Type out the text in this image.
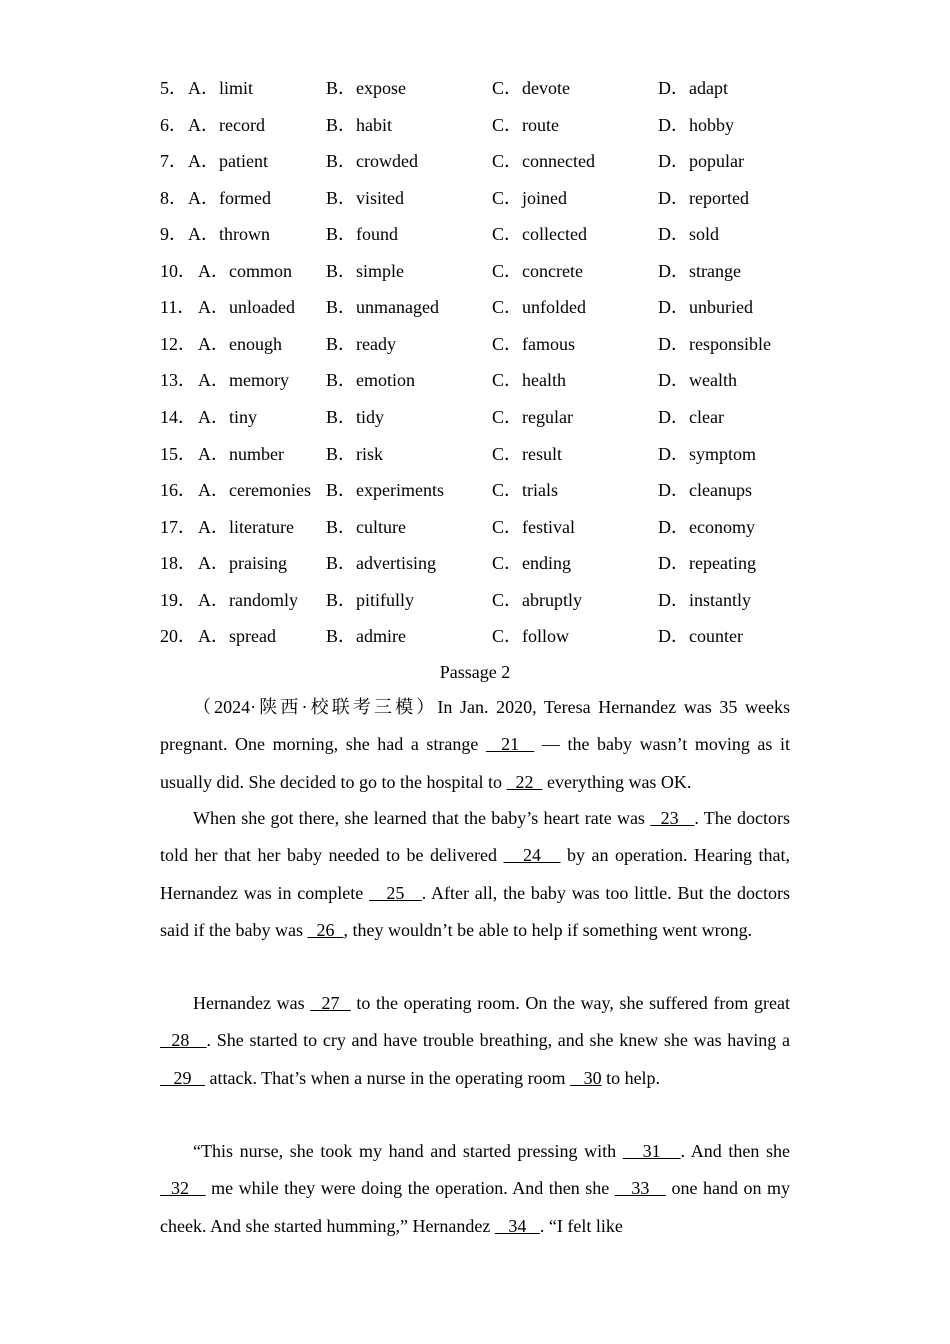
5． A．limit	B．expose	C．devote	D．adapt
6． A．record	B．habit	C．route	D．hobby
7． A．patient	B．crowded	C．connected	D．popular
8． A．formed	B．visited	C．joined	D．reported
9． A．thrown	B．found	C．collected	D．sold
10． A．common B．simple	C．concrete	D．strange
11． A．unloaded B．unmanaged	C．unfolded	D．unburied
12． A．enough B．ready	C．famous	D．responsible
13． A．memory B．emotion	C．health	D．wealth
14． A．tiny	B．tidy	C．regular	D．clear
15． A．number B．risk	C．result	D．symptom
16． A．ceremonies B．experiments	C．trials	D．cleanups
17． A．literature B．culture	C．festival	D．economy
18． A．praising B．advertising	C．ending	D．repeating
19． A．randomly B．pitifully	C．abruptly	D．instantly
20． A．spread	B．admire	C．follow	D．counter
Passage 2

（2024·陕西·校联考三模）In Jan. 2020, Teresa Hernandez was 35 weeks pregnant. One morning, she had a strange   21   — the baby wasn’t moving as it usually did. She decided to go to the hospital to   22   everything was OK.

When she got there, she learned that the baby’s heart rate was   23   . The doctors told her that her baby needed to be delivered    24    by an operation. Hearing that, Hernandez was in complete    25   . After all, the baby was too little. But the doctors said if the baby was   26  , they wouldn’t be able to help if something went wrong.

Hernandez was   27   to the operating room. On the way, she suffered from great   28   . She started to cry and have trouble breathing, and she knew she was having a    29    attack. That’s when a nurse in the operating room    30 to help.

“This nurse, she took my hand and started pressing with    31   . And then she   32    me while they were doing the operation. And then she    33    one hand on my cheek. And she started humming,” Hernandez    34   . “I felt like
